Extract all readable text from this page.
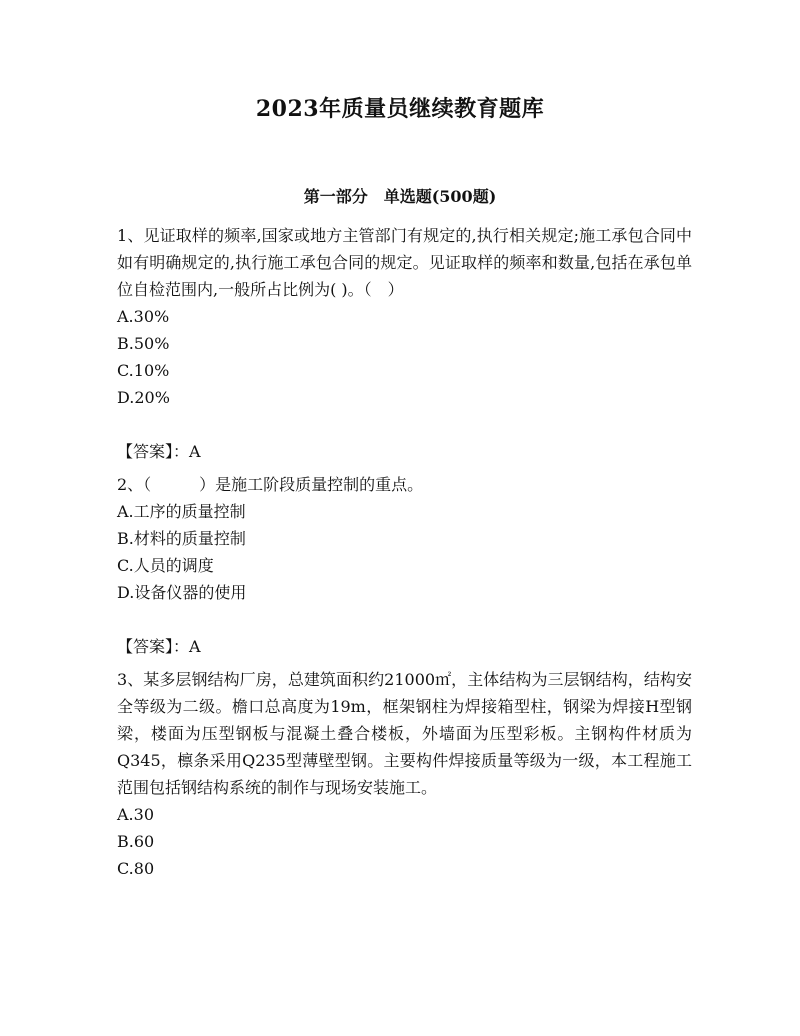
2023年质量员继续教育题库
第一部分　单选题(500题)

1、见证取样的频率,国家或地方主管部门有规定的,执行相关规定;施工承包合同中如有明确规定的,执行施工承包合同的规定。见证取样的频率和数量,包括在承包单位自检范围内,一般所占比例为( )。（　）

A.30%

B.50%

C.10%

D.20%

【答案】：A

2、（　　　）是施工阶段质量控制的重点。

A.工序的质量控制

B.材料的质量控制

C.人员的调度

D.设备仪器的使用

【答案】：A

3、某多层钢结构厂房，总建筑面积约21000㎡，主体结构为三层钢结构，结构安全等级为二级。檐口总高度为19m，框架钢柱为焊接箱型柱，钢梁为焊接H型钢梁，楼面为压型钢板与混凝土叠合楼板，外墙面为压型彩板。主钢构件材质为Q345，檩条采用Q235型薄壁型钢。主要构件焊接质量等级为一级，本工程施工范围包括钢结构系统的制作与现场安装施工。

A.30

B.60

C.80
